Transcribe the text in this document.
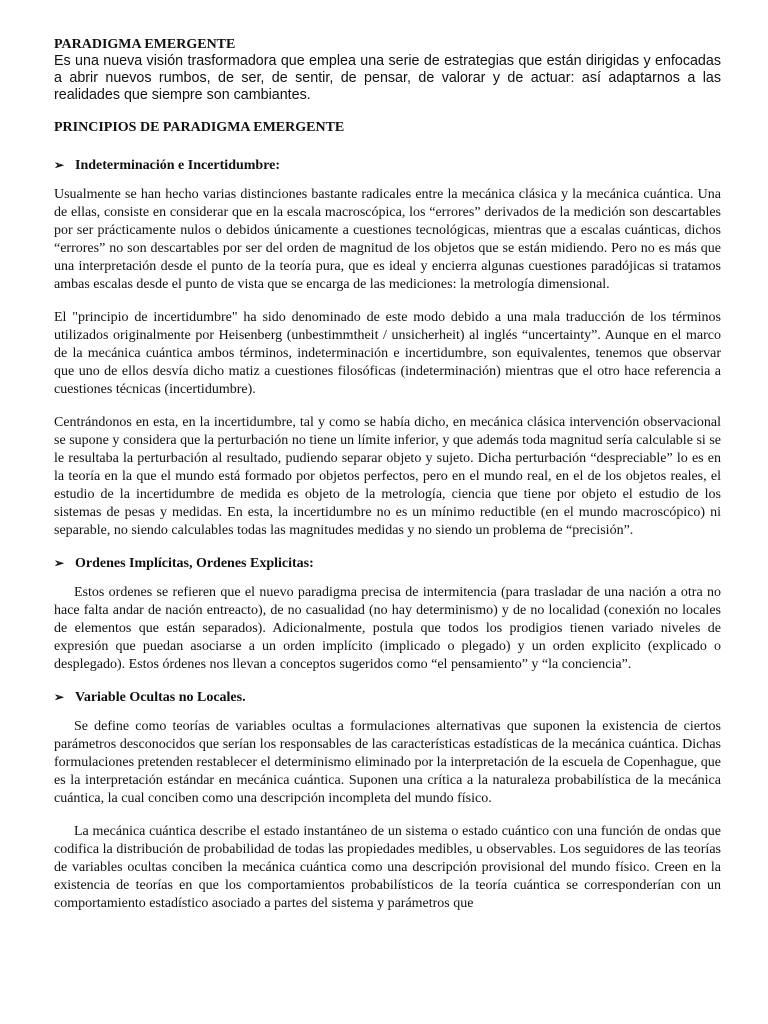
PARADIGMA EMERGENTE

Es una nueva visión trasformadora que emplea una serie de estrategias que están dirigidas y enfocadas a abrir nuevos rumbos, de ser, de sentir, de pensar, de valorar y de actuar: así adaptarnos a las realidades que siempre son cambiantes.

PRINCIPIOS DE PARADIGMA EMERGENTE

➢ Indeterminación e Incertidumbre:

Usualmente se han hecho varias distinciones bastante radicales entre la mecánica clásica y la mecánica cuántica. Una de ellas, consiste en considerar que en la escala macroscópica, los “errores” derivados de la medición son descartables por ser prácticamente nulos o debidos únicamente a cuestiones tecnológicas, mientras que a escalas cuánticas, dichos “errores” no son descartables por ser del orden de magnitud de los objetos que se están midiendo. Pero no es más que una interpretación desde el punto de la teoría pura, que es ideal y encierra algunas cuestiones paradójicas si tratamos ambas escalas desde el punto de vista que se encarga de las mediciones: la metrología dimensional.

El "principio de incertidumbre" ha sido denominado de este modo debido a una mala traducción de los términos utilizados originalmente por Heisenberg (unbestimmtheit / unsicherheit) al inglés “uncertainty”. Aunque en el marco de la mecánica cuántica ambos términos, indeterminación e incertidumbre, son equivalentes, tenemos que observar que uno de ellos desvía dicho matiz a cuestiones filosóficas (indeterminación) mientras que el otro hace referencia a cuestiones técnicas (incertidumbre).

Centrándonos en esta, en la incertidumbre, tal y como se había dicho, en mecánica clásica intervención observacional se supone y considera que la perturbación no tiene un límite inferior, y que además toda magnitud sería calculable si se le resultaba la perturbación al resultado, pudiendo separar objeto y sujeto. Dicha perturbación “despreciable” lo es en la teoría en la que el mundo está formado por objetos perfectos, pero en el mundo real, en el de los objetos reales, el estudio de la incertidumbre de medida es objeto de la metrología, ciencia que tiene por objeto el estudio de los sistemas de pesas y medidas. En esta, la incertidumbre no es un mínimo reductible (en el mundo macroscópico) ni separable, no siendo calculables todas las magnitudes medidas y no siendo un problema de “precisión”.

➢ Ordenes Implícitas, Ordenes Explicitas:

Estos ordenes se refieren que el nuevo paradigma precisa de intermitencia (para trasladar de una nación a otra no hace falta andar de nación entreacto), de no casualidad (no hay determinismo) y de no localidad (conexión no locales de elementos que están separados). Adicionalmente, postula que todos los prodigios tienen variado niveles de expresión que puedan asociarse a un orden implícito (implicado o plegado) y un orden explicito (explicado o desplegado). Estos órdenes nos llevan a conceptos sugeridos como “el pensamiento” y “la conciencia”.

➢ Variable Ocultas no Locales.

Se define como teorías de variables ocultas a formulaciones alternativas que suponen la existencia de ciertos parámetros desconocidos que serían los responsables de las características estadísticas de la mecánica cuántica. Dichas formulaciones pretenden restablecer el determinismo eliminado por la interpretación de la escuela de Copenhague, que es la interpretación estándar en mecánica cuántica. Suponen una crítica a la naturaleza probabilística de la mecánica cuántica, la cual conciben como una descripción incompleta del mundo físico.

La mecánica cuántica describe el estado instantáneo de un sistema o estado cuántico con una función de ondas que codifica la distribución de probabilidad de todas las propiedades medibles, u observables. Los seguidores de las teorías de variables ocultas conciben la mecánica cuántica como una descripción provisional del mundo físico. Creen en la existencia de teorías en que los comportamientos probabilísticos de la teoría cuántica se corresponderían con un comportamiento estadístico asociado a partes del sistema y parámetros que
